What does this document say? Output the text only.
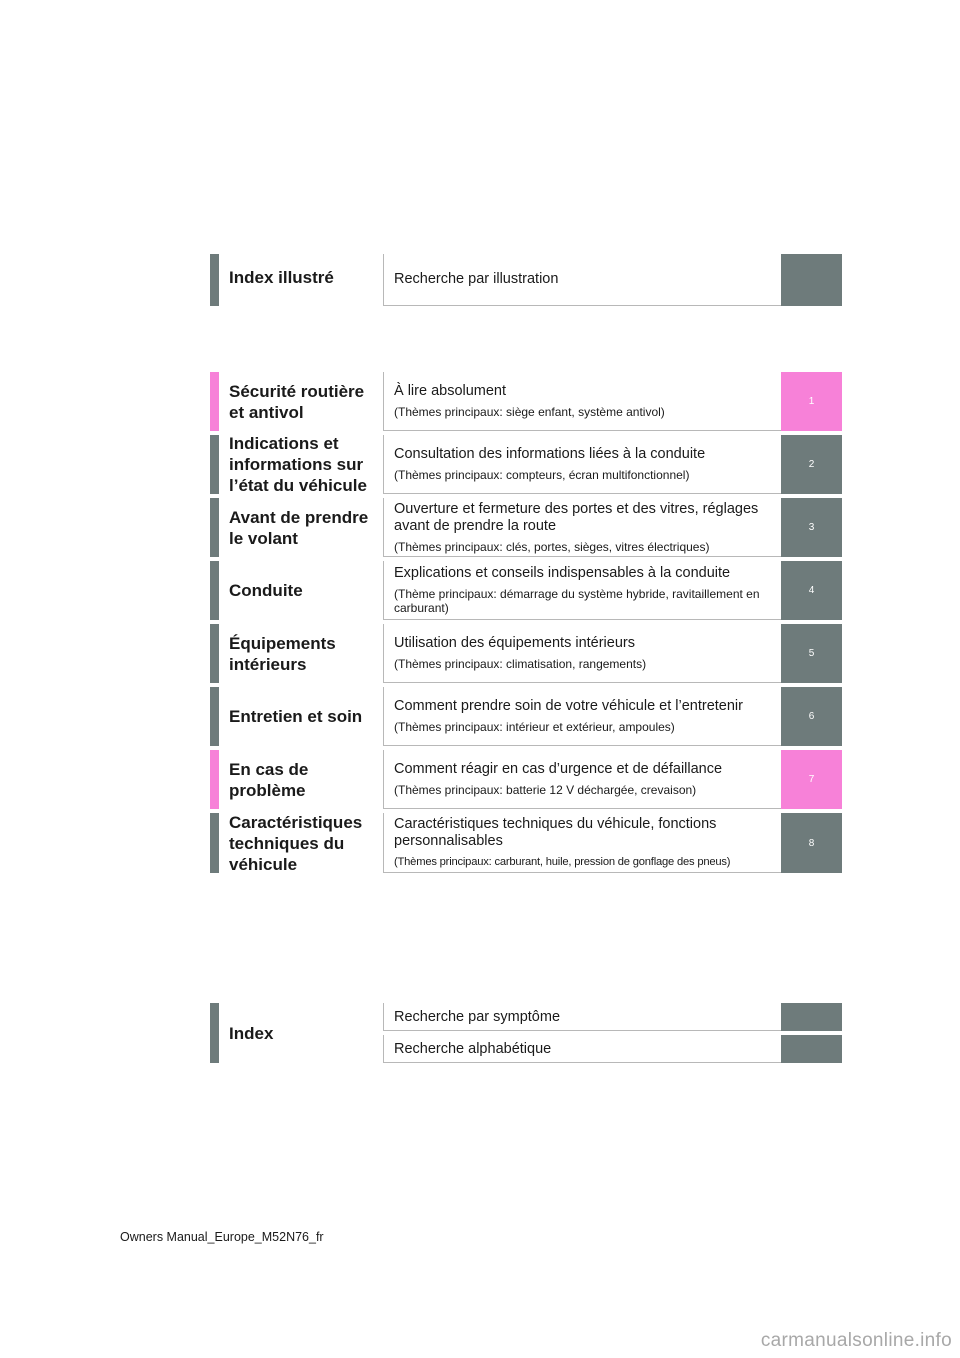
Index illustré	Recherche par illustration
Sécurité routière et antivol
À lire absolument
(Thèmes principaux: siège enfant, système antivol)
1
Indications et informations sur l’état du véhicule
Consultation des informations liées à la conduite
(Thèmes principaux: compteurs, écran multifonctionnel)
2
Avant de prendre le volant
Ouverture et fermeture des portes et des vitres, réglages avant de prendre la route
(Thèmes principaux: clés, portes, sièges, vitres électriques)
3
Conduite
Explications et conseils indispensables à la conduite
(Thème principaux: démarrage du système hybride, ravitaillement en carburant)
4
Équipements intérieurs
Utilisation des équipements intérieurs
(Thèmes principaux: climatisation, rangements)
5
Entretien et soin
Comment prendre soin de votre véhicule et l’entretenir
(Thèmes principaux: intérieur et extérieur, ampoules)
6
En cas de problème
Comment réagir en cas d’urgence et de défaillance
(Thèmes principaux: batterie 12 V déchargée, crevaison)
7
Caractéristiques techniques du véhicule
Caractéristiques techniques du véhicule, fonctions personnalisables
(Thèmes principaux: carburant, huile, pression de gonflage des pneus)
8
Index
Recherche par symptôme
Recherche alphabétique
Owners Manual_Europe_M52N76_fr
carmanualsonline.info
